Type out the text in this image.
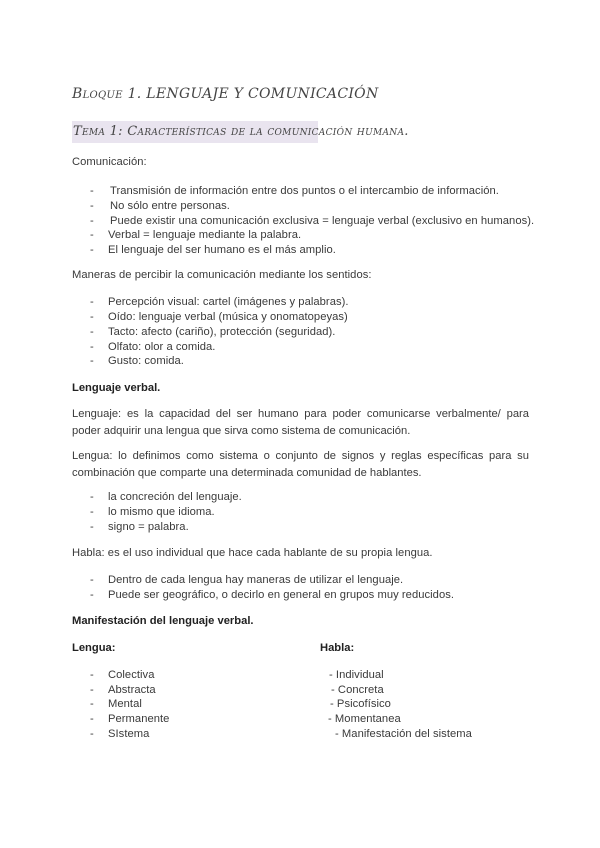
Bloque 1. LENGUAJE Y COMUNICACIÓN
Tema 1: Características de la comunicación humana.
Comunicación:
- Transmisión de información entre dos puntos o el intercambio de información.
- No sólo entre personas.
- Puede existir una comunicación exclusiva = lenguaje verbal (exclusivo en humanos).
- Verbal = lenguaje mediante la palabra.
- El lenguaje del ser humano es el más amplio.
Maneras de percibir la comunicación mediante los sentidos:
- Percepción visual: cartel (imágenes y palabras).
- Oído: lenguaje verbal (música y onomatopeyas)
- Tacto: afecto (cariño), protección (seguridad).
- Olfato: olor a comida.
- Gusto: comida.
Lenguaje verbal.
Lenguaje: es la capacidad del ser humano para poder comunicarse verbalmente/ para poder adquirir una lengua que sirva como sistema de comunicación.
Lengua: lo definimos como sistema o conjunto de signos y reglas específicas para su combinación que comparte una determinada comunidad de hablantes.
- la concreción del lenguaje.
- lo mismo que idioma.
- signo = palabra.
Habla: es el uso individual que hace cada hablante de su propia lengua.
- Dentro de cada lengua hay maneras de utilizar el lenguaje.
- Puede ser geográfico, o decirlo en general en grupos muy reducidos.
Manifestación del lenguaje verbal.
Lengua:	Habla:
- Colectiva
- Abstracta
- Mental
- Permanente
- SIstema
- Individual
- Concreta
- Psicofísico
- Momentanea
- Manifestación del sistema
